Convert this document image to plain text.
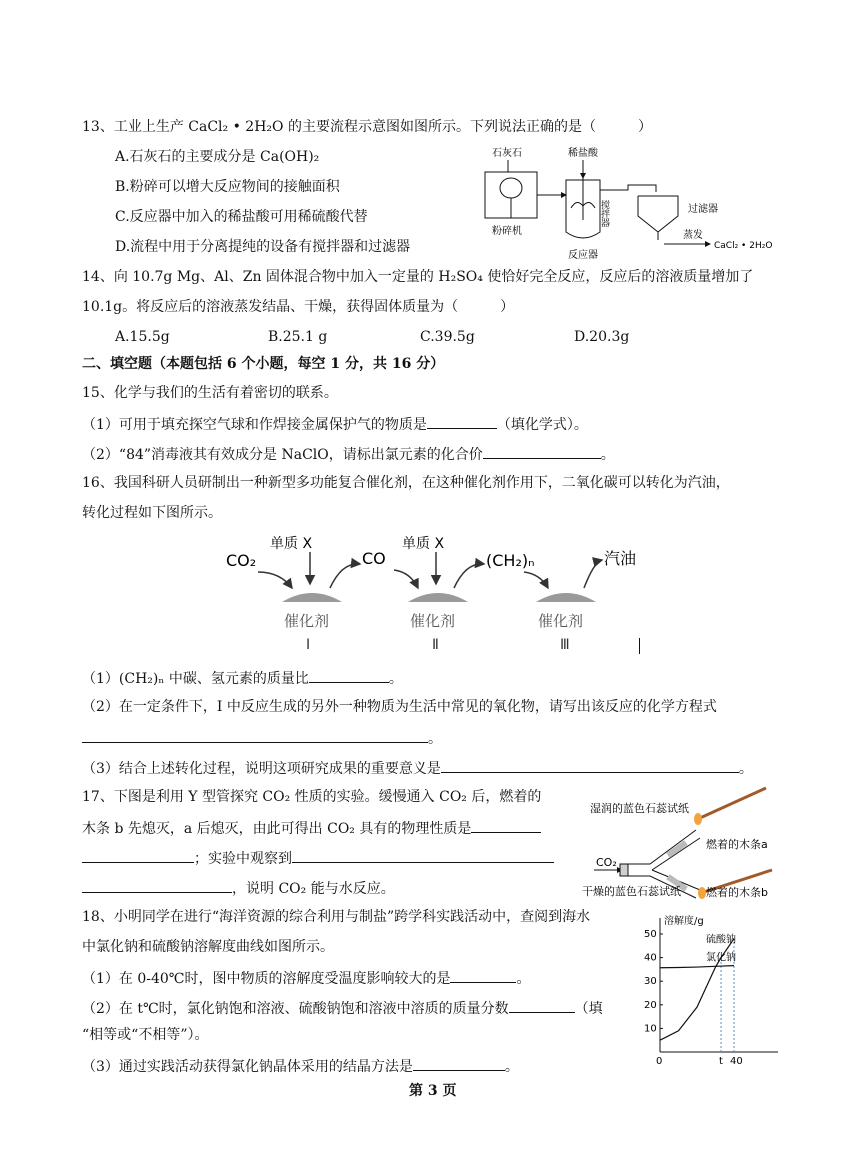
13、工业上生产 CaCl₂ • 2H₂O 的主要流程示意图如图所示。下列说法正确的是（　　　）
A.石灰石的主要成分是 Ca(OH)₂
B.粉碎可以增大反应物间的接触面积
C.反应器中加入的稀盐酸可用稀硫酸代替
D.流程中用于分离提纯的设备有搅拌器和过滤器
石灰石
粉碎机
稀盐酸
搅拌器
反应器
过滤器
蒸发
CaCl₂ • 2H₂O
14、向 10.7g Mg、Al、Zn 固体混合物中加入一定量的 H₂SO₄ 使恰好完全反应，反应后的溶液质量增加了
10.1g。将反应后的溶液蒸发结晶、干燥，获得固体质量为（　　　）
A.15.5g	B.25.1 g	C.39.5g	D.20.3g
二、填空题（本题包括 6 个小题，每空 1 分，共 16 分）
15、化学与我们的生活有着密切的联系。
（1）可用于填充探空气球和作焊接金属保护气的物质是	（填化学式）。
（2）“84”消毒液其有效成分是 NaClO，请标出氯元素的化合价	。
16、我国科研人员研制出一种新型多功能复合催化剂，在这种催化剂作用下，二氧化碳可以转化为汽油，
转化过程如下图所示。
CO₂
单质 X
催化剂
Ⅰ
CO
单质 X
催化剂
Ⅱ
(CH₂)ₙ
催化剂
Ⅲ
汽油
（1）(CH₂)ₙ 中碳、氢元素的质量比	。
（2）在一定条件下，I 中反应生成的另外一种物质为生活中常见的氧化物，请写出该反应的化学方程式
。
（3）结合上述转化过程，说明这项研究成果的重要意义是	。
17、下图是利用 Y 型管探究 CO₂ 性质的实验。缓慢通入 CO₂ 后，燃着的
木条 b 先熄灭，a 后熄灭，由此可得出 CO₂ 具有的物理性质是
；实验中观察到
，说明 CO₂ 能与水反应。
湿润的蓝色石蕊试纸
燃着的木条a
CO₂
干燥的蓝色石蕊试纸 燃着的木条b
18、小明同学在进行“海洋资源的综合利用与制盐”跨学科实践活动中，查阅到海水
中氯化钠和硫酸钠溶解度曲线如图所示。
（1）在 0-40℃时，图中物质的溶解度受温度影响较大的是	。
（2）在 t℃时，氯化钠饱和溶液、硫酸钠饱和溶液中溶质的质量分数	（填
“相等或“不相等”）。
（3）通过实践活动获得氯化钠晶体采用的结晶方法是	。
溶解度/g
10
20
30
40
50
0	t 40
硫酸钠
氯化钠
第 3 页
